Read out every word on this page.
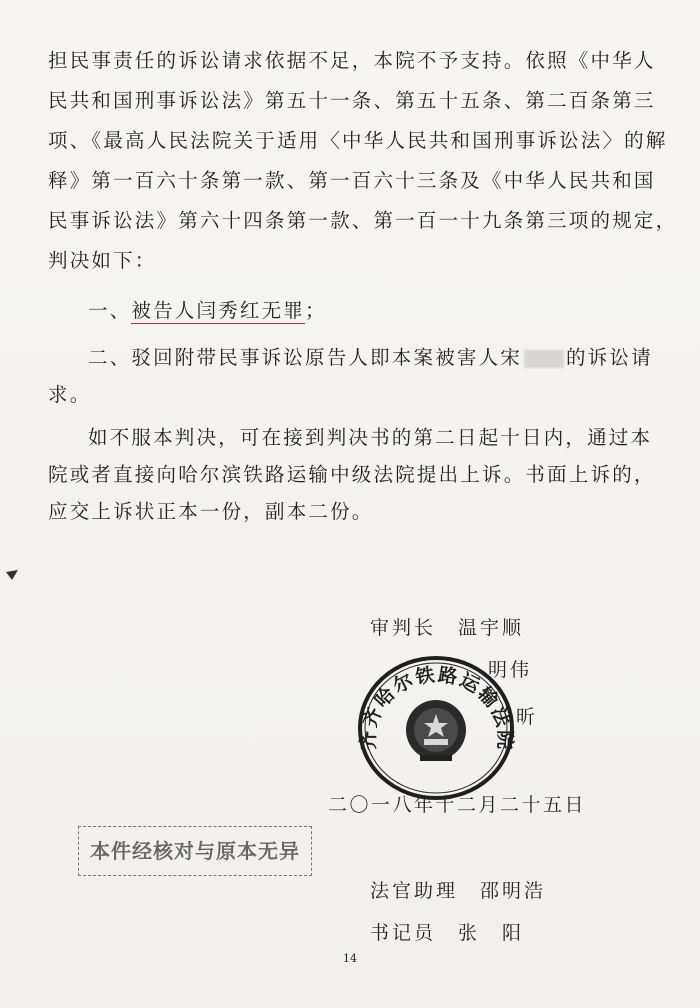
担民事责任的诉讼请求依据不足，本院不予支持。依照《中华人
民共和国刑事诉讼法》第五十一条、第五十五条、第二百条第三
项、《最高人民法院关于适用〈中华人民共和国刑事诉讼法〉的解
释》第一百六十条第一款、第一百六十三条及《中华人民共和国
民事诉讼法》第六十四条第一款、第一百一十九条第三项的规定，
判决如下：
一、被告人闫秀红无罪；
二、驳回附带民事诉讼原告人即本案被害人宋 的诉讼请
求。
如不服本判决，可在接到判决书的第二日起十日内，通过本
院或者直接向哈尔滨铁路运输中级法院提出上诉。书面上诉的，
应交上诉状正本一份，副本二份。
审判长　温宇顺
明伟
昕
齐齐哈尔铁路运输法院
二〇一八年十二月二十五日
本件经核对与原本无异
法官助理　邵明浩
书记员　张　阳
14
